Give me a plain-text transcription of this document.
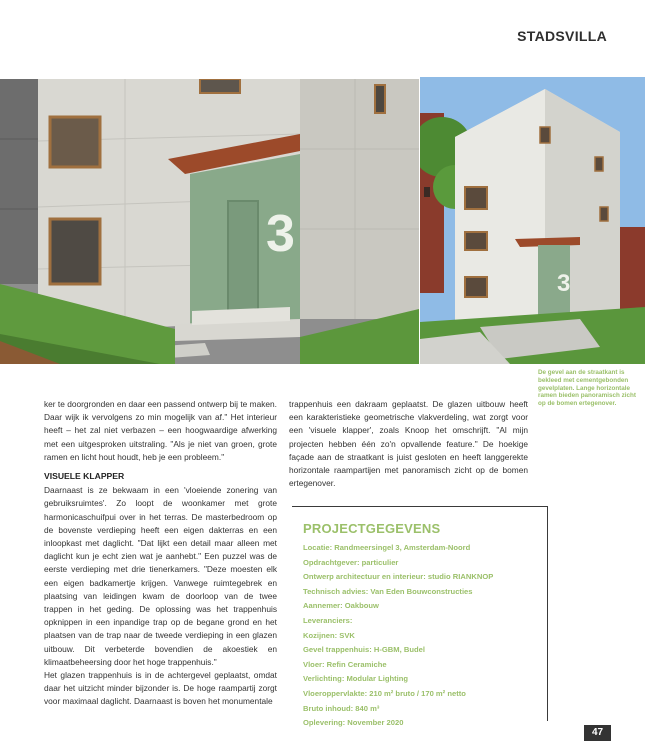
STADSVILLA
3
3
De gevel aan de straatkant is bekleed met cementgebonden gevelplaten. Lange horizontale ramen bieden panoramisch zicht op de bomen ertegenover.

ker te doorgronden en daar een passend ontwerp bij te maken. Daar wijk ik vervolgens zo min mogelijk van af." Het interieur heeft – het zal niet verbazen – een hoogwaardige afwerking met een uitgesproken uitstraling. "Als je niet van groen, grote ramen en licht hout houdt, heb je een probleem."

VISUELE KLAPPER

Daarnaast is ze bekwaam in een 'vloeiende zonering van gebruiksruimtes'. Zo loopt de woonkamer met grote harmonicaschuifpui over in het terras. De masterbedroom op de bovenste verdieping heeft een eigen dakterras en een inloopkast met daglicht. "Dat lijkt een detail maar alleen met daglicht kun je echt zien wat je aanhebt." Een puzzel was de eerste verdieping met drie tienerkamers. "Deze moesten elk een eigen badkamertje krijgen. Vanwege ruimtegebrek en plaatsing van leidingen kwam de doorloop van de twee trappen in het geding. De oplossing was het trappenhuis opknippen in een inpandige trap op de begane grond en het plaatsen van de trap naar de tweede verdieping in een glazen uitbouw. Dit verbeterde bovendien de akoestiek en klimaatbeheersing door het hoge trappenhuis."

Het glazen trappenhuis is in de achtergevel geplaatst, omdat daar het uitzicht minder bijzonder is. De hoge raampartij zorgt voor maximaal daglicht. Daarnaast is boven het monumentale

trappenhuis een dakraam geplaatst. De glazen uitbouw heeft een karakteristieke geometrische vlakverdeling, wat zorgt voor een 'visuele klapper', zoals Knoop het omschrijft. "Al mijn projecten hebben één zo'n opvallende feature." De hoekige façade aan de straatkant is juist gesloten en heeft langgerekte horizontale raampartijen met panoramisch zicht op de bomen ertegenover.

PROJECTGEGEVENS
Locatie: Randmeersingel 3, Amsterdam-Noord
Opdrachtgever: particulier
Ontwerp architectuur en interieur: studio RIANKNOP
Technisch advies: Van Eden Bouwconstructies
Aannemer: Oakbouw
Leveranciers:
Kozijnen: SVK
Gevel trappenhuis: H-GBM, Budel
Vloer: Refin Ceramiche
Verlichting: Modular Lighting
Vloeroppervlakte: 210 m² bruto / 170 m² netto
Bruto inhoud: 840 m³
Oplevering: November 2020
47
